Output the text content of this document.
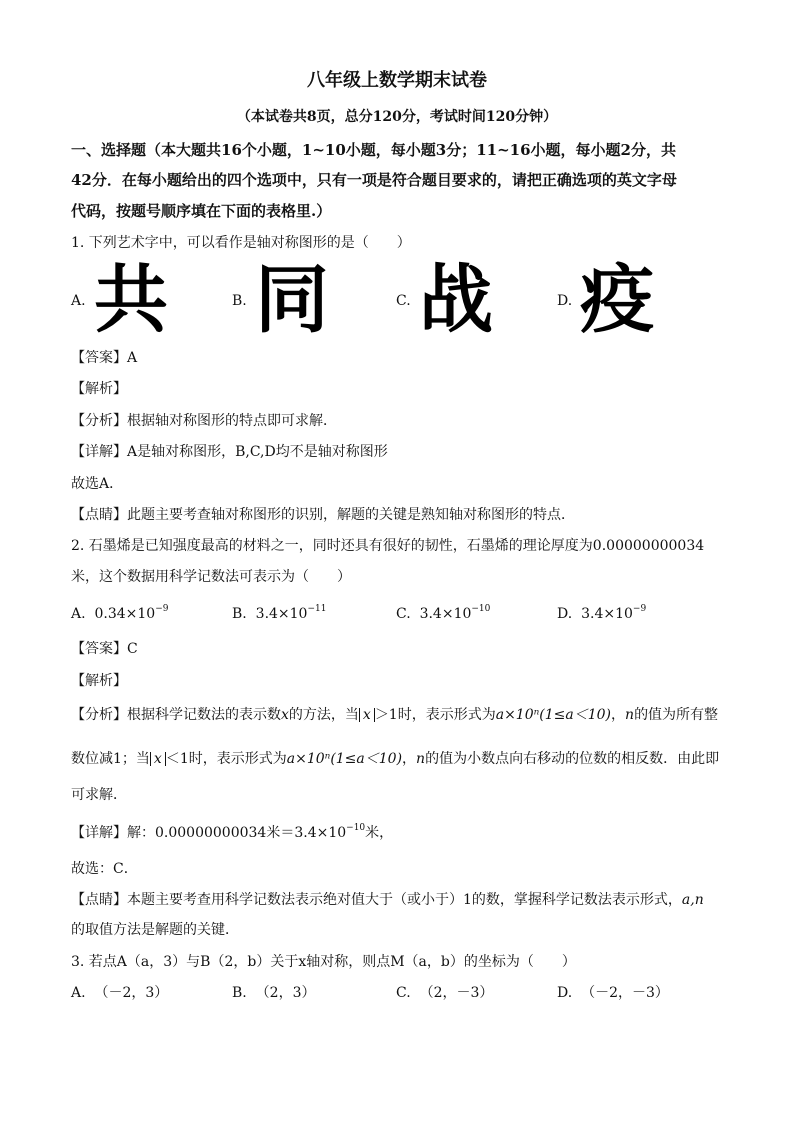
八年级上数学期末试卷
（本试卷共8页，总分120分，考试时间120分钟）
一、选择题（本大题共16个小题，1~10小题，每小题3分；11~16小题，每小题2分，共
42分．在每小题给出的四个选项中，只有一项是符合题目要求的，请把正确选项的英文字母
代码，按题号顺序填在下面的表格里.）
1. 下列艺术字中，可以看作是轴对称图形的是（　　）
A. 共	B. 同	C. 战	D. 疫
【答案】A
【解析】
【分析】根据轴对称图形的特点即可求解．
【详解】A是轴对称图形，B,C,D均不是轴对称图形
故选A．
【点睛】此题主要考查轴对称图形的识别，解题的关键是熟知轴对称图形的特点．
2. 石墨烯是已知强度最高的材料之一，同时还具有很好的韧性，石墨烯的理论厚度为0.00000000034
米，这个数据用科学记数法可表示为（　　）
A. $0.34\times 10^{-9}$	B. $3.4\times 10^{-11}$	C. $3.4\times 10^{-10}$	D. $3.4\times 10^{-9}$
【答案】C
【解析】
【分析】根据科学记数法的表示数x的方法，当 x ＞1时，表示形式为a×10ⁿ(1≤a＜10)，n的值为所有整
数位减1；当 x ＜1时，表示形式为a×10ⁿ(1≤a＜10)，n的值为小数点向右移动的位数的相反数．由此即
可求解．
【详解】解：0.00000000034米$=3.4\times 10^{-10}$米，
故选：C．
【点睛】本题主要考查用科学记数法表示绝对值大于（或小于）1的数，掌握科学记数法表示形式，a,n
的取值方法是解题的关键．
3. 若点A（a，3）与B（2，b）关于x轴对称，则点M（a，b）的坐标为（　　）
A. （－2，3）	B. （2，3）	C. （2，－3）	D. （－2，－3）
